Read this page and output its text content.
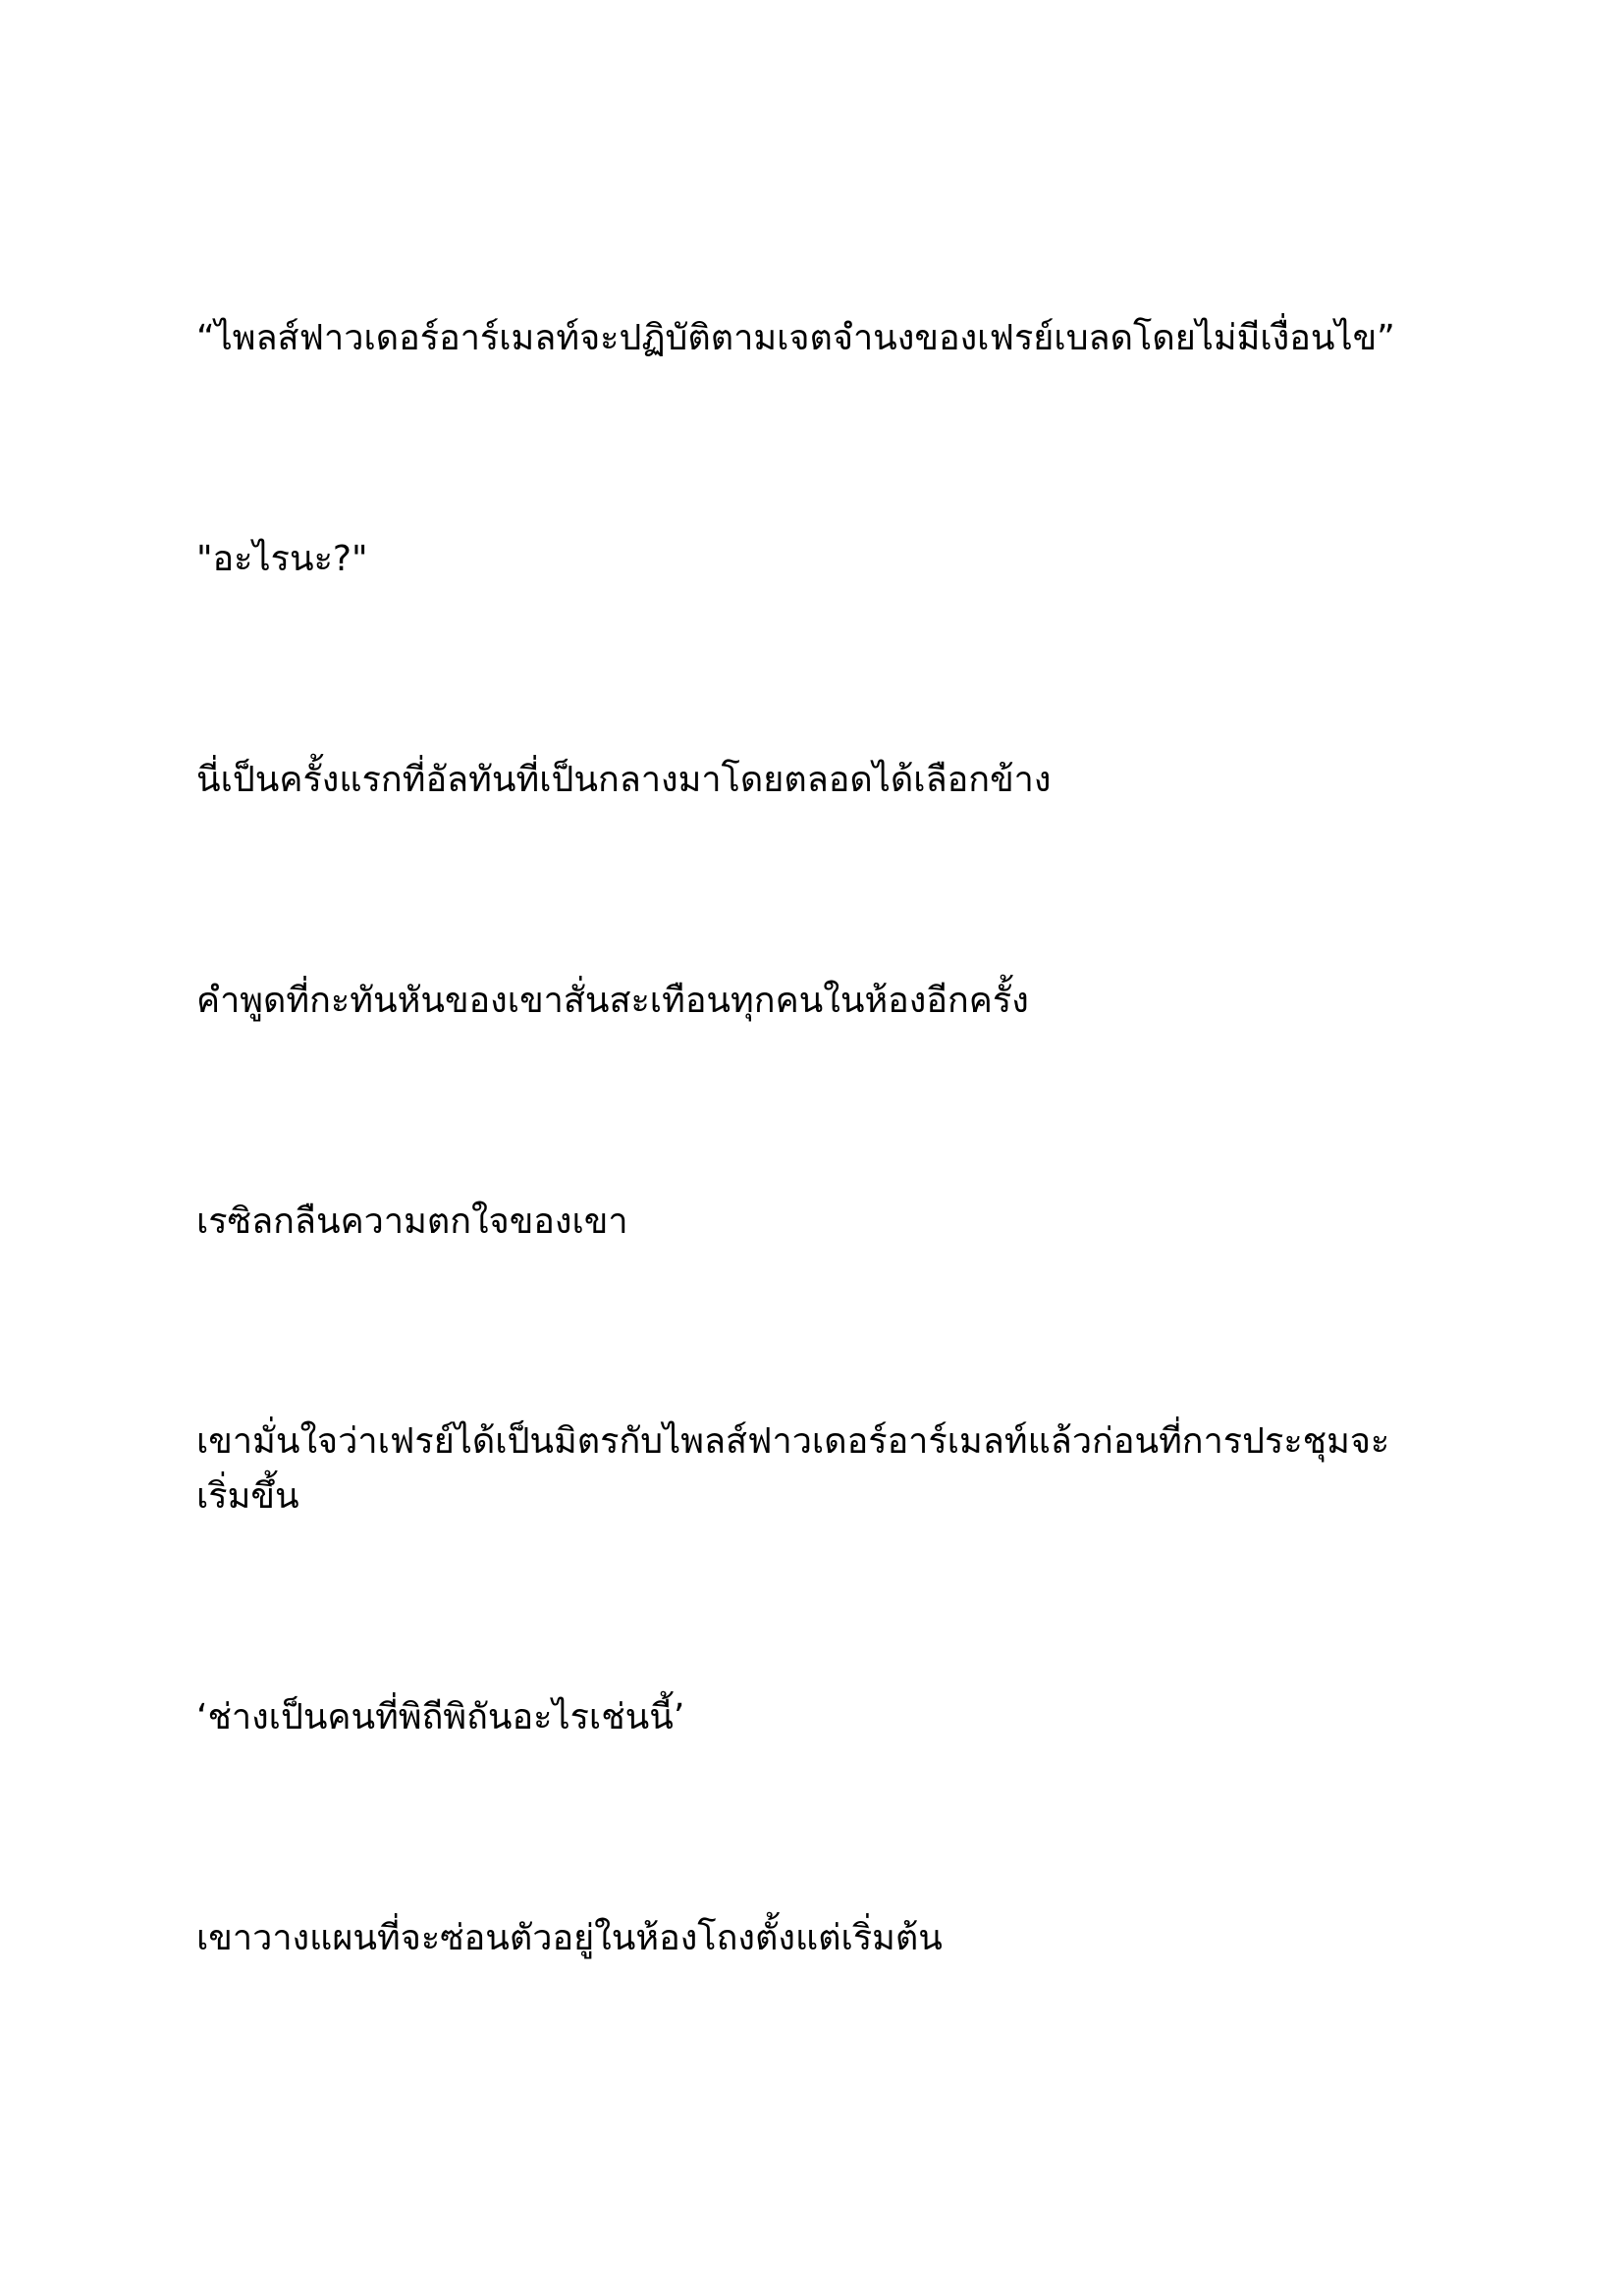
“ไพลส์ฟาวเดอร์อาร์เมลท์จะปฏิบัติตามเจตจำนงของเฟรย์เบลดโดยไม่มีเงื่อนไข”

"อะไรนะ?"

นี่เป็นครั้งแรกที่อัลทันที่เป็นกลางมาโดยตลอดได้เลือกข้าง

คำพูดที่กะทันหันของเขาสั่นสะเทือนทุกคนในห้องอีกครั้ง

เรซิลกลืนความตกใจของเขา

เขามั่นใจว่าเฟรย์ได้เป็นมิตรกับไพลส์ฟาวเดอร์อาร์เมลท์แล้วก่อนที่การประชุมจะเริ่มขึ้น

‘ช่างเป็นคนที่พิถีพิถันอะไรเช่นนี้’

เขาวางแผนที่จะซ่อนตัวอยู่ในห้องโถงตั้งแต่เริ่มต้น
